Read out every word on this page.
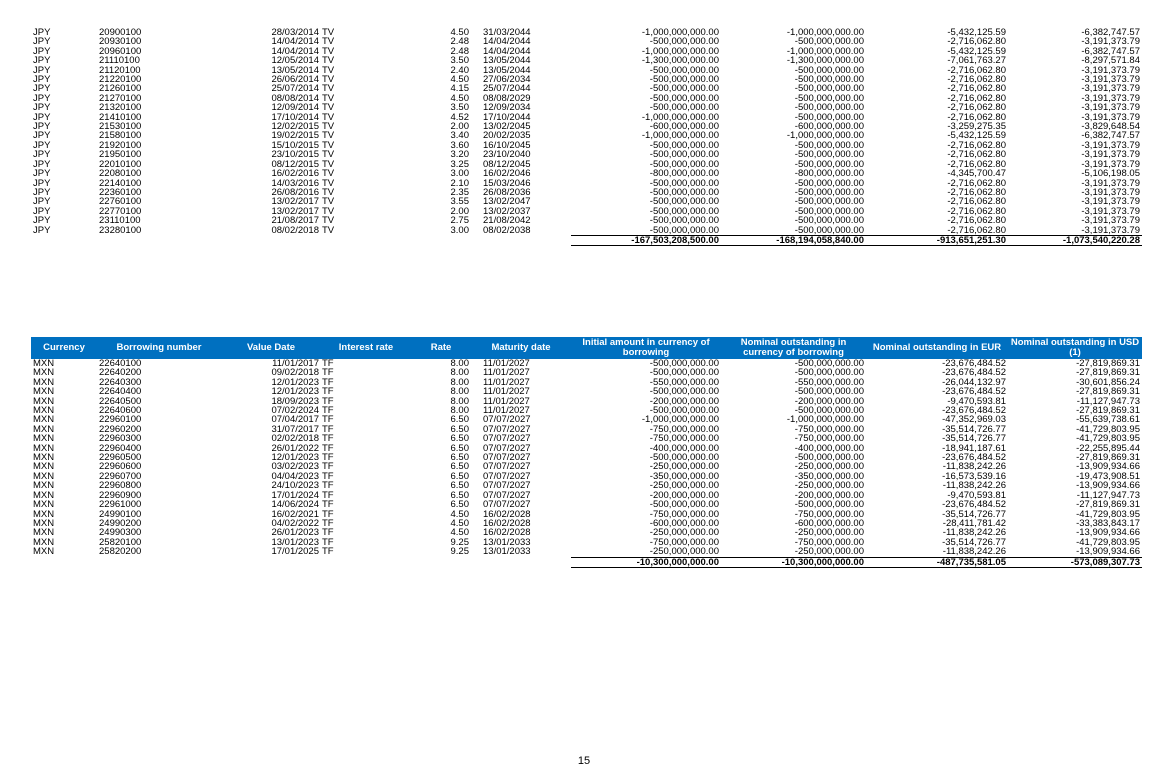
JPY	20900100	28/03/2014	TV	4.50	31/03/2044	-1,000,000,000.00	-1,000,000,000.00	-5,432,125.59	-6,382,747.57
JPY	20930100	14/04/2014	TV	2.48	14/04/2044	-500,000,000.00	-500,000,000.00	-2,716,062.80	-3,191,373.79
JPY	20960100	14/04/2014	TV	2.48	14/04/2044	-1,000,000,000.00	-1,000,000,000.00	-5,432,125.59	-6,382,747.57
JPY	21110100	12/05/2014	TV	3.50	13/05/2044	-1,300,000,000.00	-1,300,000,000.00	-7,061,763.27	-8,297,571.84
JPY	21120100	13/05/2014	TV	2.40	13/05/2044	-500,000,000.00	-500,000,000.00	-2,716,062.80	-3,191,373.79
JPY	21220100	26/06/2014	TV	4.50	27/06/2034	-500,000,000.00	-500,000,000.00	-2,716,062.80	-3,191,373.79
JPY	21260100	25/07/2014	TV	4.15	25/07/2044	-500,000,000.00	-500,000,000.00	-2,716,062.80	-3,191,373.79
JPY	21270100	08/08/2014	TV	4.50	08/08/2029	-500,000,000.00	-500,000,000.00	-2,716,062.80	-3,191,373.79
JPY	21320100	12/09/2014	TV	3.50	12/09/2034	-500,000,000.00	-500,000,000.00	-2,716,062.80	-3,191,373.79
JPY	21410100	17/10/2014	TV	4.52	17/10/2044	-1,000,000,000.00	-500,000,000.00	-2,716,062.80	-3,191,373.79
JPY	21530100	12/02/2015	TV	2.00	13/02/2045	-600,000,000.00	-600,000,000.00	-3,259,275.35	-3,829,648.54
JPY	21580100	19/02/2015	TV	3.40	20/02/2035	-1,000,000,000.00	-1,000,000,000.00	-5,432,125.59	-6,382,747.57
JPY	21920100	15/10/2015	TV	3.60	16/10/2045	-500,000,000.00	-500,000,000.00	-2,716,062.80	-3,191,373.79
JPY	21950100	23/10/2015	TV	3.20	23/10/2040	-500,000,000.00	-500,000,000.00	-2,716,062.80	-3,191,373.79
JPY	22010100	08/12/2015	TV	3.25	08/12/2045	-500,000,000.00	-500,000,000.00	-2,716,062.80	-3,191,373.79
JPY	22080100	16/02/2016	TV	3.00	16/02/2046	-800,000,000.00	-800,000,000.00	-4,345,700.47	-5,106,198.05
JPY	22140100	14/03/2016	TV	2.10	15/03/2046	-500,000,000.00	-500,000,000.00	-2,716,062.80	-3,191,373.79
JPY	22360100	26/08/2016	TV	2.35	26/08/2036	-500,000,000.00	-500,000,000.00	-2,716,062.80	-3,191,373.79
JPY	22760100	13/02/2017	TV	3.55	13/02/2047	-500,000,000.00	-500,000,000.00	-2,716,062.80	-3,191,373.79
JPY	22770100	13/02/2017	TV	2.00	13/02/2037	-500,000,000.00	-500,000,000.00	-2,716,062.80	-3,191,373.79
JPY	23110100	21/08/2017	TV	2.75	21/08/2042	-500,000,000.00	-500,000,000.00	-2,716,062.80	-3,191,373.79
JPY	23280100	08/02/2018	TV	3.00	08/02/2038	-500,000,000.00	-500,000,000.00	-2,716,062.80	-3,191,373.79
						-167,503,208,500.00	-168,194,058,840.00	-913,651,251.30	-1,073,540,220.28
Currency	Borrowing number	Value Date	Interest rate	Rate	Maturity date	Initial amount in currency of borrowing	Nominal outstanding in currency of borrowing	Nominal outstanding in EUR	Nominal outstanding in USD (1)
MXN	22640100	11/01/2017	TF	8.00	11/01/2027	-500,000,000.00	-500,000,000.00	-23,676,484.52	-27,819,869.31
MXN	22640200	09/02/2018	TF	8.00	11/01/2027	-500,000,000.00	-500,000,000.00	-23,676,484.52	-27,819,869.31
MXN	22640300	12/01/2023	TF	8.00	11/01/2027	-550,000,000.00	-550,000,000.00	-26,044,132.97	-30,601,856.24
MXN	22640400	12/01/2023	TF	8.00	11/01/2027	-500,000,000.00	-500,000,000.00	-23,676,484.52	-27,819,869.31
MXN	22640500	18/09/2023	TF	8.00	11/01/2027	-200,000,000.00	-200,000,000.00	-9,470,593.81	-11,127,947.73
MXN	22640600	07/02/2024	TF	8.00	11/01/2027	-500,000,000.00	-500,000,000.00	-23,676,484.52	-27,819,869.31
MXN	22960100	07/04/2017	TF	6.50	07/07/2027	-1,000,000,000.00	-1,000,000,000.00	-47,352,969.03	-55,639,738.61
MXN	22960200	31/07/2017	TF	6.50	07/07/2027	-750,000,000.00	-750,000,000.00	-35,514,726.77	-41,729,803.95
MXN	22960300	02/02/2018	TF	6.50	07/07/2027	-750,000,000.00	-750,000,000.00	-35,514,726.77	-41,729,803.95
MXN	22960400	26/01/2022	TF	6.50	07/07/2027	-400,000,000.00	-400,000,000.00	-18,941,187.61	-22,255,895.44
MXN	22960500	12/01/2023	TF	6.50	07/07/2027	-500,000,000.00	-500,000,000.00	-23,676,484.52	-27,819,869.31
MXN	22960600	03/02/2023	TF	6.50	07/07/2027	-250,000,000.00	-250,000,000.00	-11,838,242.26	-13,909,934.66
MXN	22960700	04/04/2023	TF	6.50	07/07/2027	-350,000,000.00	-350,000,000.00	-16,573,539.16	-19,473,908.51
MXN	22960800	24/10/2023	TF	6.50	07/07/2027	-250,000,000.00	-250,000,000.00	-11,838,242.26	-13,909,934.66
MXN	22960900	17/01/2024	TF	6.50	07/07/2027	-200,000,000.00	-200,000,000.00	-9,470,593.81	-11,127,947.73
MXN	22961000	14/06/2024	TF	6.50	07/07/2027	-500,000,000.00	-500,000,000.00	-23,676,484.52	-27,819,869.31
MXN	24990100	16/02/2021	TF	4.50	16/02/2028	-750,000,000.00	-750,000,000.00	-35,514,726.77	-41,729,803.95
MXN	24990200	04/02/2022	TF	4.50	16/02/2028	-600,000,000.00	-600,000,000.00	-28,411,781.42	-33,383,843.17
MXN	24990300	26/01/2023	TF	4.50	16/02/2028	-250,000,000.00	-250,000,000.00	-11,838,242.26	-13,909,934.66
MXN	25820100	13/01/2023	TF	9.25	13/01/2033	-750,000,000.00	-750,000,000.00	-35,514,726.77	-41,729,803.95
MXN	25820200	17/01/2025	TF	9.25	13/01/2033	-250,000,000.00	-250,000,000.00	-11,838,242.26	-13,909,934.66
						-10,300,000,000.00	-10,300,000,000.00	-487,735,581.05	-573,089,307.73
15
